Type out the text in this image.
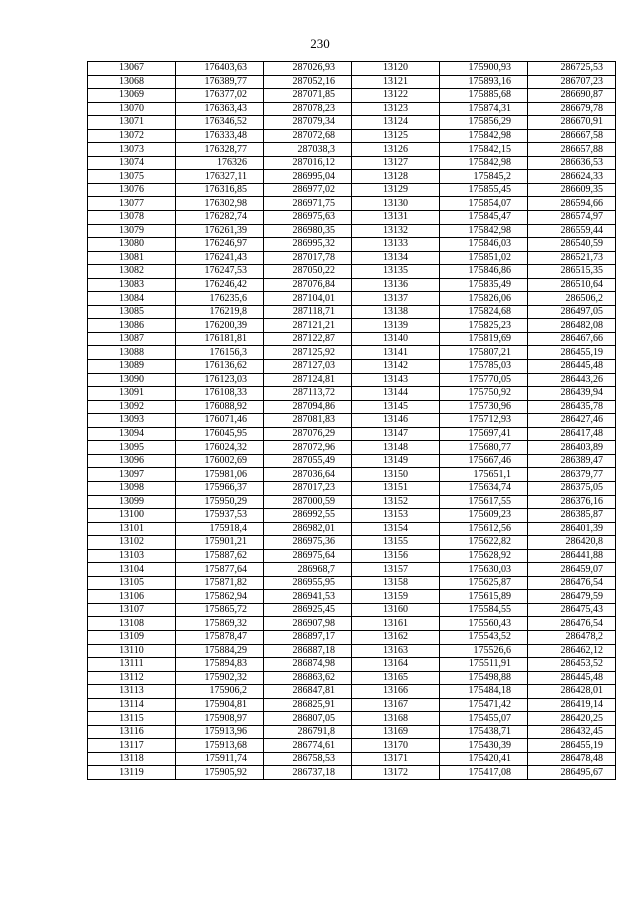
230
13067	176403,63	287026,93	13120	175900,93	286725,53
13068	176389,77	287052,16	13121	175893,16	286707,23
13069	176377,02	287071,85	13122	175885,68	286690,87
13070	176363,43	287078,23	13123	175874,31	286679,78
13071	176346,52	287079,34	13124	175856,29	286670,91
13072	176333,48	287072,68	13125	175842,98	286667,58
13073	176328,77	287038,3	13126	175842,15	286657,88
13074	176326	287016,12	13127	175842,98	286636,53
13075	176327,11	286995,04	13128	175845,2	286624,33
13076	176316,85	286977,02	13129	175855,45	286609,35
13077	176302,98	286971,75	13130	175854,07	286594,66
13078	176282,74	286975,63	13131	175845,47	286574,97
13079	176261,39	286980,35	13132	175842,98	286559,44
13080	176246,97	286995,32	13133	175846,03	286540,59
13081	176241,43	287017,78	13134	175851,02	286521,73
13082	176247,53	287050,22	13135	175846,86	286515,35
13083	176246,42	287076,84	13136	175835,49	286510,64
13084	176235,6	287104,01	13137	175826,06	286506,2
13085	176219,8	287118,71	13138	175824,68	286497,05
13086	176200,39	287121,21	13139	175825,23	286482,08
13087	176181,81	287122,87	13140	175819,69	286467,66
13088	176156,3	287125,92	13141	175807,21	286455,19
13089	176136,62	287127,03	13142	175785,03	286445,48
13090	176123,03	287124,81	13143	175770,05	286443,26
13091	176108,33	287113,72	13144	175750,92	286439,94
13092	176088,92	287094,86	13145	175730,96	286435,78
13093	176071,46	287081,83	13146	175712,93	286427,46
13094	176045,95	287076,29	13147	175697,41	286417,48
13095	176024,32	287072,96	13148	175680,77	286403,89
13096	176002,69	287055,49	13149	175667,46	286389,47
13097	175981,06	287036,64	13150	175651,1	286379,77
13098	175966,37	287017,23	13151	175634,74	286375,05
13099	175950,29	287000,59	13152	175617,55	286376,16
13100	175937,53	286992,55	13153	175609,23	286385,87
13101	175918,4	286982,01	13154	175612,56	286401,39
13102	175901,21	286975,36	13155	175622,82	286420,8
13103	175887,62	286975,64	13156	175628,92	286441,88
13104	175877,64	286968,7	13157	175630,03	286459,07
13105	175871,82	286955,95	13158	175625,87	286476,54
13106	175862,94	286941,53	13159	175615,89	286479,59
13107	175865,72	286925,45	13160	175584,55	286475,43
13108	175869,32	286907,98	13161	175560,43	286476,54
13109	175878,47	286897,17	13162	175543,52	286478,2
13110	175884,29	286887,18	13163	175526,6	286462,12
13111	175894,83	286874,98	13164	175511,91	286453,52
13112	175902,32	286863,62	13165	175498,88	286445,48
13113	175906,2	286847,81	13166	175484,18	286428,01
13114	175904,81	286825,91	13167	175471,42	286419,14
13115	175908,97	286807,05	13168	175455,07	286420,25
13116	175913,96	286791,8	13169	175438,71	286432,45
13117	175913,68	286774,61	13170	175430,39	286455,19
13118	175911,74	286758,53	13171	175420,41	286478,48
13119	175905,92	286737,18	13172	175417,08	286495,67
